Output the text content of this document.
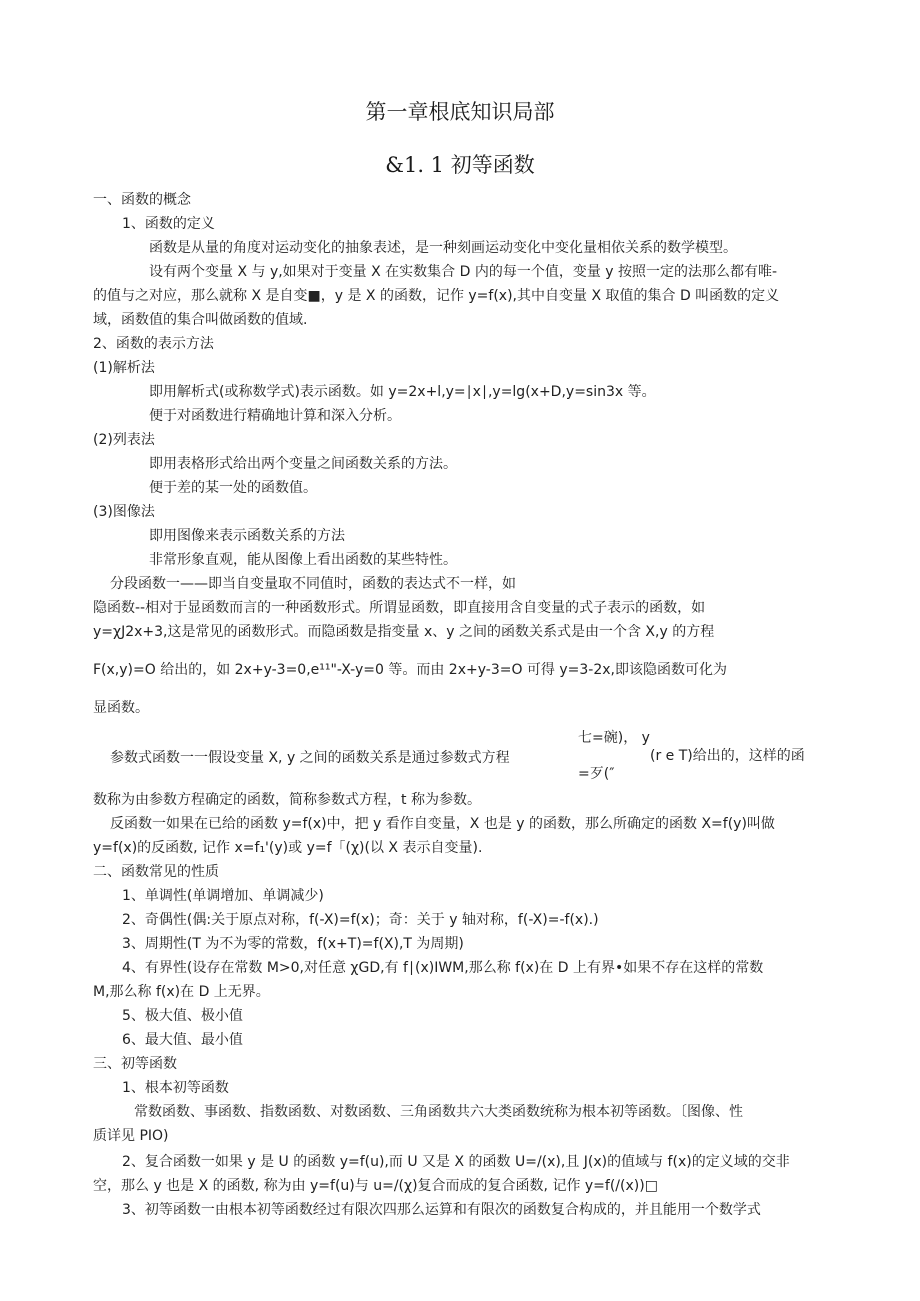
第一章根底知识局部
&1. 1 初等函数
一、函数的概念
1、函数的定义
函数是从量的角度对运动变化的抽象表述，是一种刻画运动变化中变化量相依关系的数学模型。
设有两个变量 X 与 y,如果对于变量 X 在实数集合 D 内的每一个值，变量 y 按照一定的法那么都有唯-
的值与之对应，那么就称 X 是自变■，y 是 X 的函数，记作 y=f(x),其中自变量 X 取值的集合 D 叫函数的定义
域，函数值的集合叫做函数的值域.
2、函数的表示方法
(1)解析法
即用解析式(或称数学式)表示函数。如 y=2x+l,y=∣x∣,y=lg(x+D,y=sin3x 等。
便于对函数进行精确地计算和深入分析。
(2)列表法
即用表格形式给出两个变量之间函数关系的方法。
便于差的某一处的函数值。
(3)图像法
即用图像来表示函数关系的方法
非常形象直观，能从图像上看出函数的某些特性。
分段函数一——即当自变量取不同值时，函数的表达式不一样，如
隐函数--相对于显函数而言的一种函数形式。所谓显函数，即直接用含自变量的式子表示的函数，如
y=χJ2x+3,这是常见的函数形式。而隐函数是指变量 x、y 之间的函数关系式是由一个含 X,y 的方程
F(x,y)=O 给出的，如 2x+y-3=0,e¹¹"-X-y=0 等。而由 2x+y-3=O 可得 y=3-2x,即该隐函数可化为
显函数。
参数式函数一一假设变量 X, y 之间的函数关系是通过参数式方程
七=碗)， y
(r e T)给出的，这样的函
=歹(″
数称为由参数方程确定的函数，简称参数式方程，t 称为参数。
反函数一如果在已给的函数 y=f(x)中，把 y 看作自变量，X 也是 y 的函数，那么所确定的函数 X=f(y)叫做
y=f(x)的反函数, 记作 x=f₁'(y)或 y=f「(χ)(以 X 表示自变量).
二、函数常见的性质
1、单调性(单调增加、单调减少)
2、奇偶性(偶:关于原点对称，f(-X)=f(x)；奇：关于 y 轴对称，f(-X)=-f(x).)
3、周期性(T 为不为零的常数，f(x+T)=f(X),T 为周期)
4、有界性(设存在常数 M>0,对任意 χGD,有 f∣(x)IWM,那么称 f(x)在 D 上有界•如果不存在这样的常数
M,那么称 f(x)在 D 上无界。
5、极大值、极小值
6、最大值、最小值
三、初等函数
1、根本初等函数
常数函数、事函数、指数函数、对数函数、三角函数共六大类函数统称为根本初等函数。〔图像、性
质详见 PIO)
2、复合函数一如果 y 是 U 的函数 y=f(u),而 U 又是 X 的函数 U=/(x),且 J(x)的值域与 f(x)的定义域的交非
空，那么 y 也是 X 的函数, 称为由 y=f(u)与 u=/(χ)复合而成的复合函数, 记作 y=f(/(x))□
3、初等函数一由根本初等函数经过有限次四那么运算和有限次的函数复合构成的，并且能用一个数学式
